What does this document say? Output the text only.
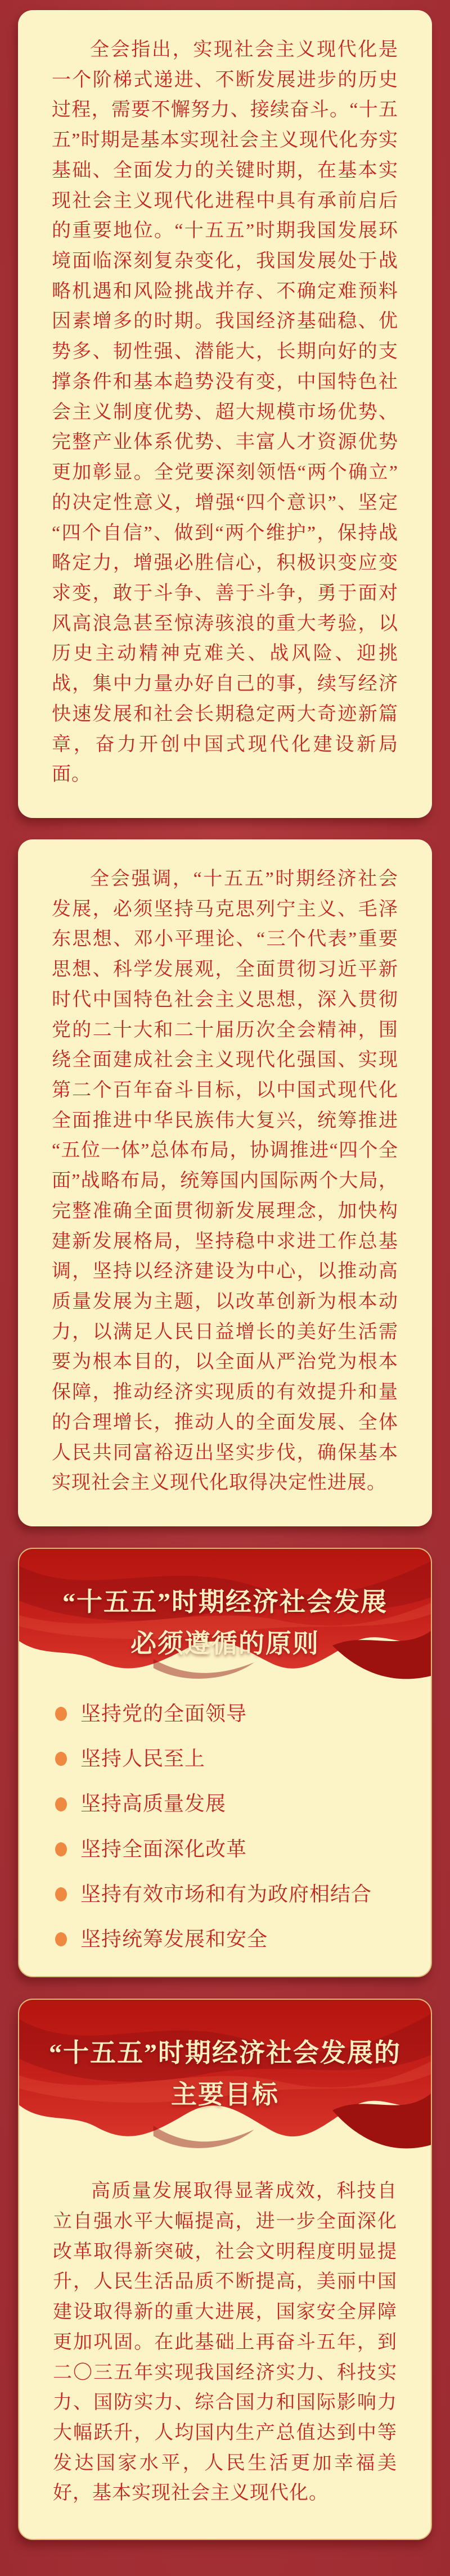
全会指出，实现社会主义现代化是一个阶梯式递进、不断发展进步的历史过程，需要不懈努力、接续奋斗。“十五五”时期是基本实现社会主义现代化夯实基础、全面发力的关键时期，在基本实现社会主义现代化进程中具有承前启后的重要地位。“十五五”时期我国发展环境面临深刻复杂变化，我国发展处于战略机遇和风险挑战并存、不确定难预料因素增多的时期。我国经济基础稳、优势多、韧性强、潜能大，长期向好的支撑条件和基本趋势没有变，中国特色社会主义制度优势、超大规模市场优势、完整产业体系优势、丰富人才资源优势更加彰显。全党要深刻领悟“两个确立”的决定性意义，增强“四个意识”、坚定“四个自信”、做到“两个维护”，保持战略定力，增强必胜信心，积极识变应变求变，敢于斗争、善于斗争，勇于面对风高浪急甚至惊涛骇浪的重大考验，以历史主动精神克难关、战风险、迎挑战，集中力量办好自己的事，续写经济快速发展和社会长期稳定两大奇迹新篇章，奋力开创中国式现代化建设新局面。

全会强调，“十五五”时期经济社会发展，必须坚持马克思列宁主义、毛泽东思想、邓小平理论、“三个代表”重要思想、科学发展观，全面贯彻习近平新时代中国特色社会主义思想，深入贯彻党的二十大和二十届历次全会精神，围绕全面建成社会主义现代化强国、实现第二个百年奋斗目标，以中国式现代化全面推进中华民族伟大复兴，统筹推进“五位一体”总体布局，协调推进“四个全面”战略布局，统筹国内国际两个大局，完整准确全面贯彻新发展理念，加快构建新发展格局，坚持稳中求进工作总基调，坚持以经济建设为中心，以推动高质量发展为主题，以改革创新为根本动力，以满足人民日益增长的美好生活需要为根本目的，以全面从严治党为根本保障，推动经济实现质的有效提升和量的合理增长，推动人的全面发展、全体人民共同富裕迈出坚实步伐，确保基本实现社会主义现代化取得决定性进展。

“十五五”时期经济社会发展
必须遵循的原则
坚持党的全面领导
坚持人民至上
坚持高质量发展
坚持全面深化改革
坚持有效市场和有为政府相结合
坚持统筹发展和安全
“十五五”时期经济社会发展的
主要目标

高质量发展取得显著成效，科技自立自强水平大幅提高，进一步全面深化改革取得新突破，社会文明程度明显提升，人民生活品质不断提高，美丽中国建设取得新的重大进展，国家安全屏障更加巩固。在此基础上再奋斗五年，到二〇三五年实现我国经济实力、科技实力、国防实力、综合国力和国际影响力大幅跃升，人均国内生产总值达到中等发达国家水平，人民生活更加幸福美好，基本实现社会主义现代化。
